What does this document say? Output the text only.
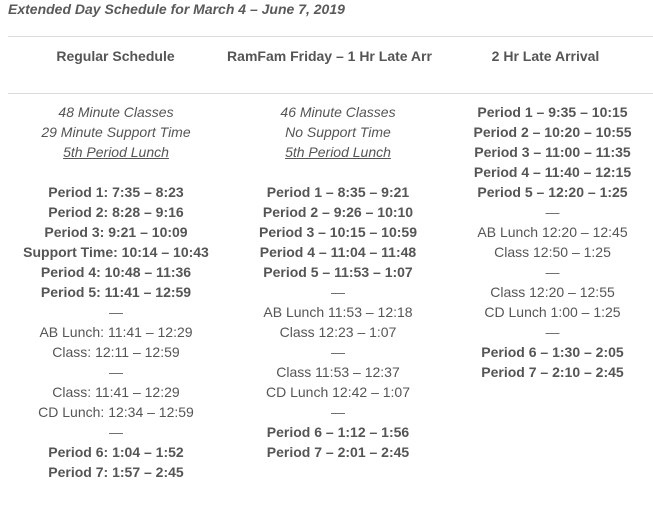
Extended Day Schedule for March 4 – June 7, 2019
Regular Schedule	RamFam Friday – 1 Hr Late Arr	2 Hr Late Arrival
48 Minute Classes
29 Minute Support Time
5th Period Lunch
Period 1: 7:35 – 8:23
Period 2: 8:28 – 9:16
Period 3: 9:21 – 10:09
Support Time: 10:14 – 10:43
Period 4: 10:48 – 11:36
Period 5: 11:41 – 12:59
—
AB Lunch: 11:41 – 12:29
Class: 12:11 – 12:59
—
Class: 11:41 – 12:29
CD Lunch: 12:34 – 12:59
—
Period 6: 1:04 – 1:52
Period 7: 1:57 – 2:45
46 Minute Classes
No Support Time
5th Period Lunch
Period 1 – 8:35 – 9:21
Period 2 – 9:26 – 10:10
Period 3 – 10:15 – 10:59
Period 4 – 11:04 – 11:48
Period 5 – 11:53 – 1:07
—
AB Lunch 11:53 – 12:18
Class 12:23 – 1:07
—
Class 11:53 – 12:37
CD Lunch 12:42 – 1:07
—
Period 6 – 1:12 – 1:56
Period 7 – 2:01 – 2:45
Period 1 – 9:35 – 10:15
Period 2 – 10:20 – 10:55
Period 3 – 11:00 – 11:35
Period 4 – 11:40 – 12:15
Period 5 – 12:20 – 1:25
—
AB Lunch 12:20 – 12:45
Class 12:50 – 1:25
—
Class 12:20 – 12:55
CD Lunch 1:00 – 1:25
—
Period 6 – 1:30 – 2:05
Period 7 – 2:10 – 2:45
